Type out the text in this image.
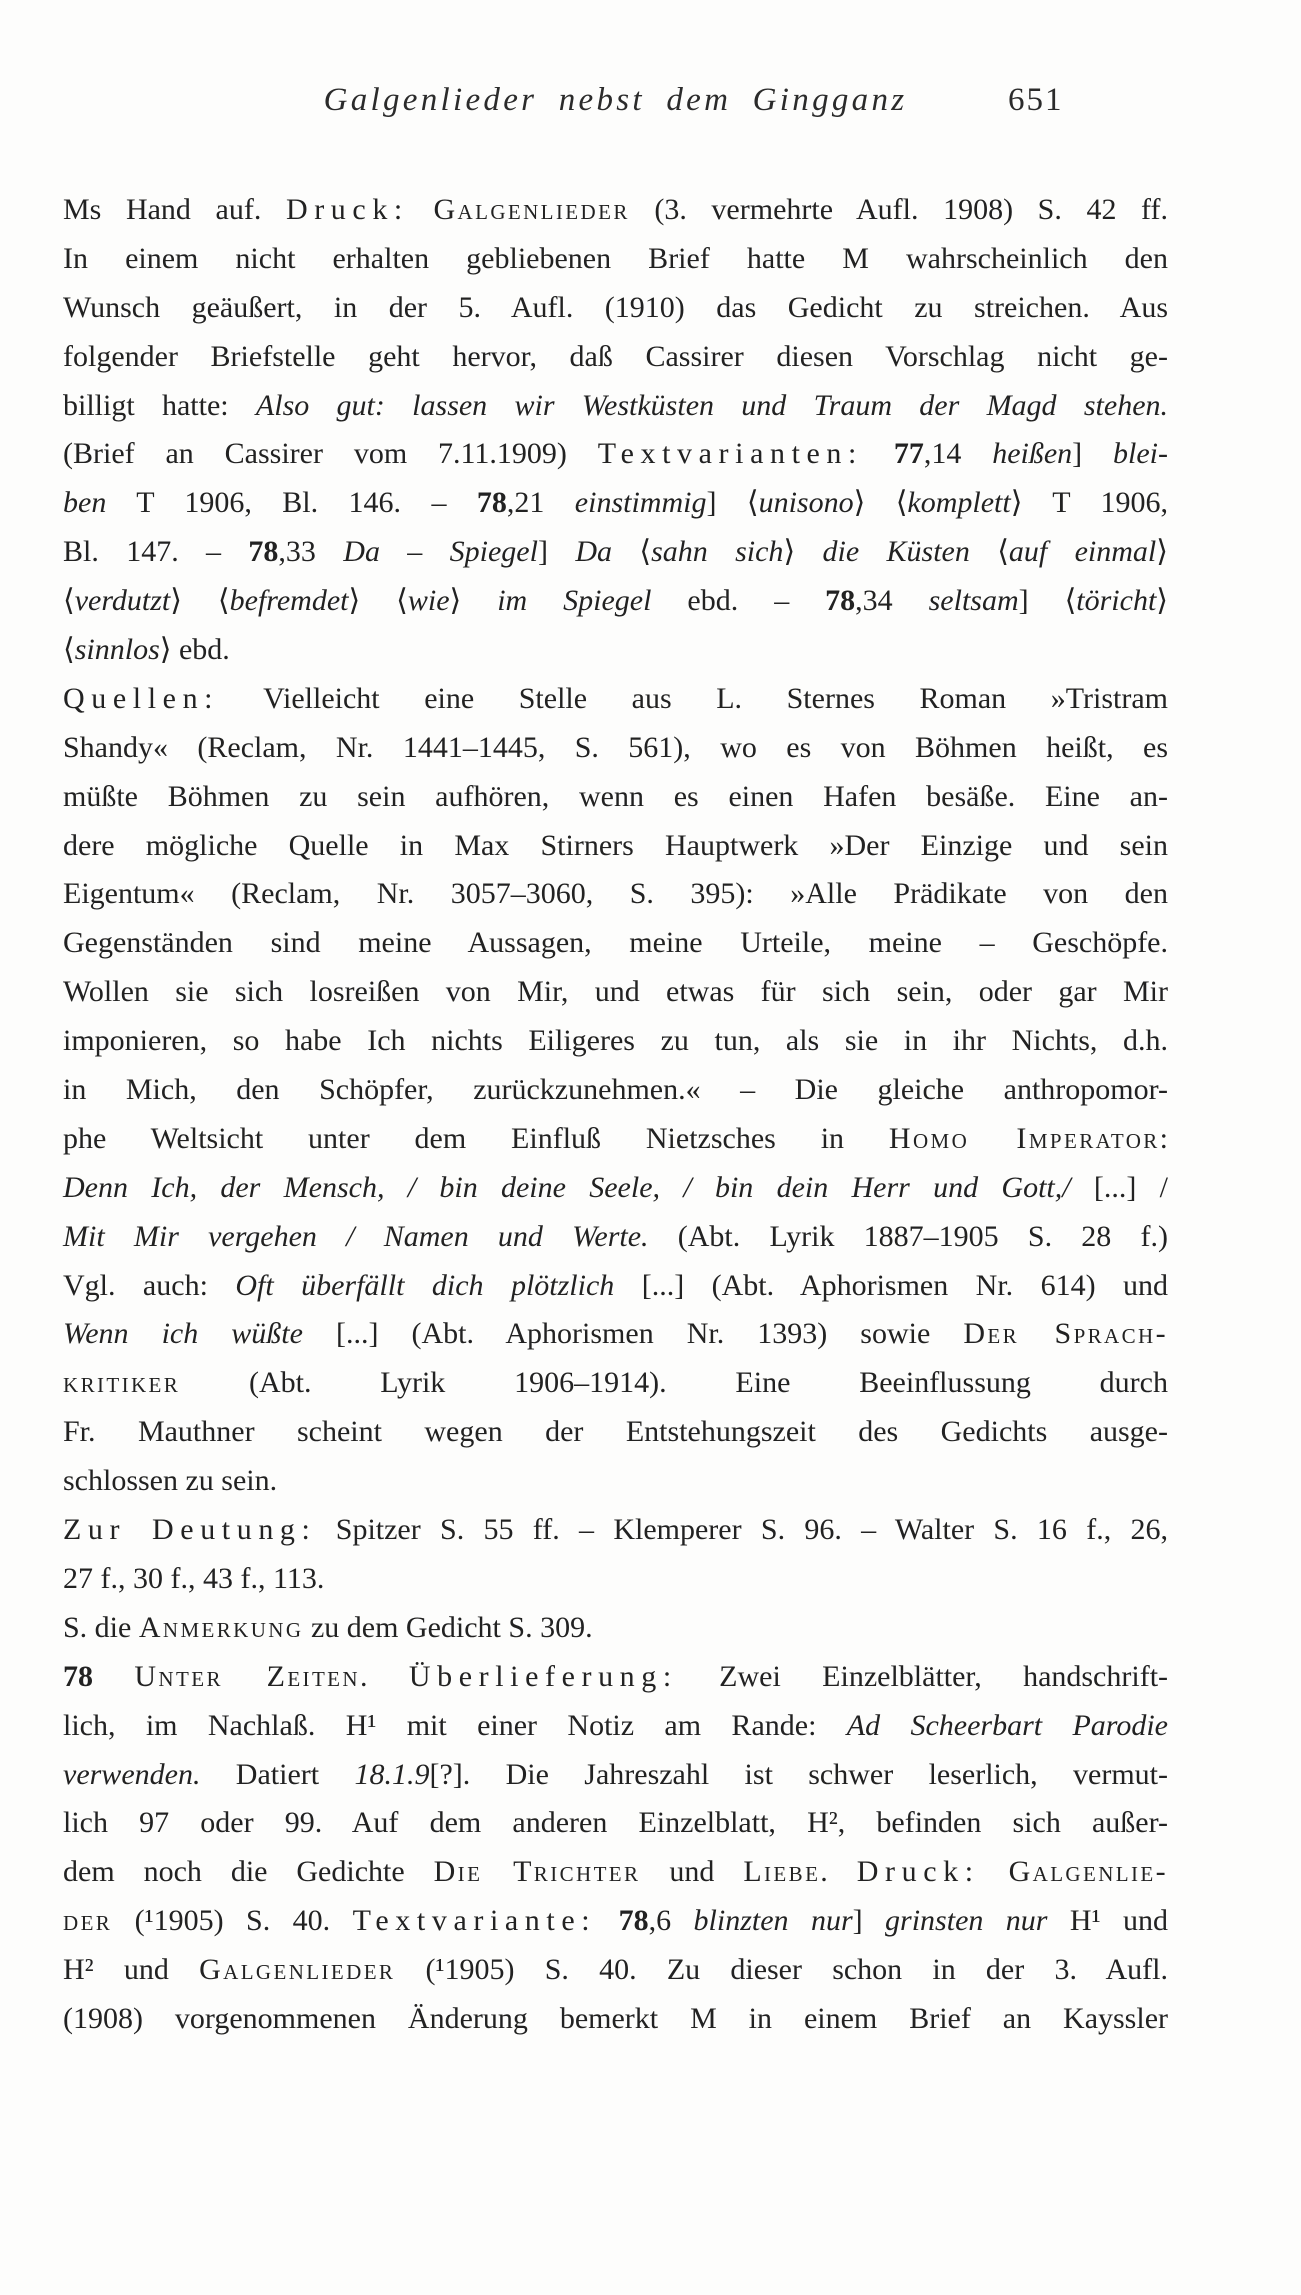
Galgenlieder nebst dem Gingganz	651
Ms Hand auf. Druck: Galgenlieder (3. vermehrte Aufl. 1908) S. 42 ff.
In einem nicht erhalten gebliebenen Brief hatte M wahrscheinlich den
Wunsch geäußert, in der 5. Aufl. (1910) das Gedicht zu streichen. Aus
folgender Briefstelle geht hervor, daß Cassirer diesen Vorschlag nicht ge-
billigt hatte: Also gut: lassen wir Westküsten und Traum der Magd stehen.
(Brief an Cassirer vom 7.11.1909) Textvarianten: 77,14 heißen] blei-
ben T 1906, Bl. 146. – 78,21 einstimmig] ⟨unisono⟩ ⟨komplett⟩ T 1906,
Bl. 147. – 78,33 Da – Spiegel] Da ⟨sahn sich⟩ die Küsten ⟨auf einmal⟩
⟨verdutzt⟩ ⟨befremdet⟩ ⟨wie⟩ im Spiegel ebd. – 78,34 seltsam] ⟨töricht⟩
⟨sinnlos⟩ ebd.
Quellen: Vielleicht eine Stelle aus L. Sternes Roman »Tristram
Shandy« (Reclam, Nr. 1441–1445, S. 561), wo es von Böhmen heißt, es
müßte Böhmen zu sein aufhören, wenn es einen Hafen besäße. Eine an-
dere mögliche Quelle in Max Stirners Hauptwerk »Der Einzige und sein
Eigentum« (Reclam, Nr. 3057–3060, S. 395): »Alle Prädikate von den
Gegenständen sind meine Aussagen, meine Urteile, meine – Geschöpfe.
Wollen sie sich losreißen von Mir, und etwas für sich sein, oder gar Mir
imponieren, so habe Ich nichts Eiligeres zu tun, als sie in ihr Nichts, d.h.
in Mich, den Schöpfer, zurückzunehmen.« – Die gleiche anthropomor-
phe Weltsicht unter dem Einfluß Nietzsches in Homo Imperator:
Denn Ich, der Mensch, / bin deine Seele, / bin dein Herr und Gott,/ [...] /
Mit Mir vergehen / Namen und Werte. (Abt. Lyrik 1887–1905 S. 28 f.)
Vgl. auch: Oft überfällt dich plötzlich [...] (Abt. Aphorismen Nr. 614) und
Wenn ich wüßte [...] (Abt. Aphorismen Nr. 1393) sowie Der Sprach-
kritiker (Abt. Lyrik 1906–1914). Eine Beeinflussung durch
Fr. Mauthner scheint wegen der Entstehungszeit des Gedichts ausge-
schlossen zu sein.
Zur Deutung: Spitzer S. 55 ff. – Klemperer S. 96. – Walter S. 16 f., 26,
27 f., 30 f., 43 f., 113.
S. die Anmerkung zu dem Gedicht S. 309.
78 Unter Zeiten. Überlieferung: Zwei Einzelblätter, handschrift-
lich, im Nachlaß. H¹ mit einer Notiz am Rande: Ad Scheerbart Parodie
verwenden. Datiert 18.1.9[?]. Die Jahreszahl ist schwer leserlich, vermut-
lich 97 oder 99. Auf dem anderen Einzelblatt, H², befinden sich außer-
dem noch die Gedichte Die Trichter und Liebe. Druck: Galgenlie-
der (¹1905) S. 40. Textvariante: 78,6 blinzten nur] grinsten nur H¹ und
H² und Galgenlieder (¹1905) S. 40. Zu dieser schon in der 3. Aufl.
(1908) vorgenommenen Änderung bemerkt M in einem Brief an Kayssler
